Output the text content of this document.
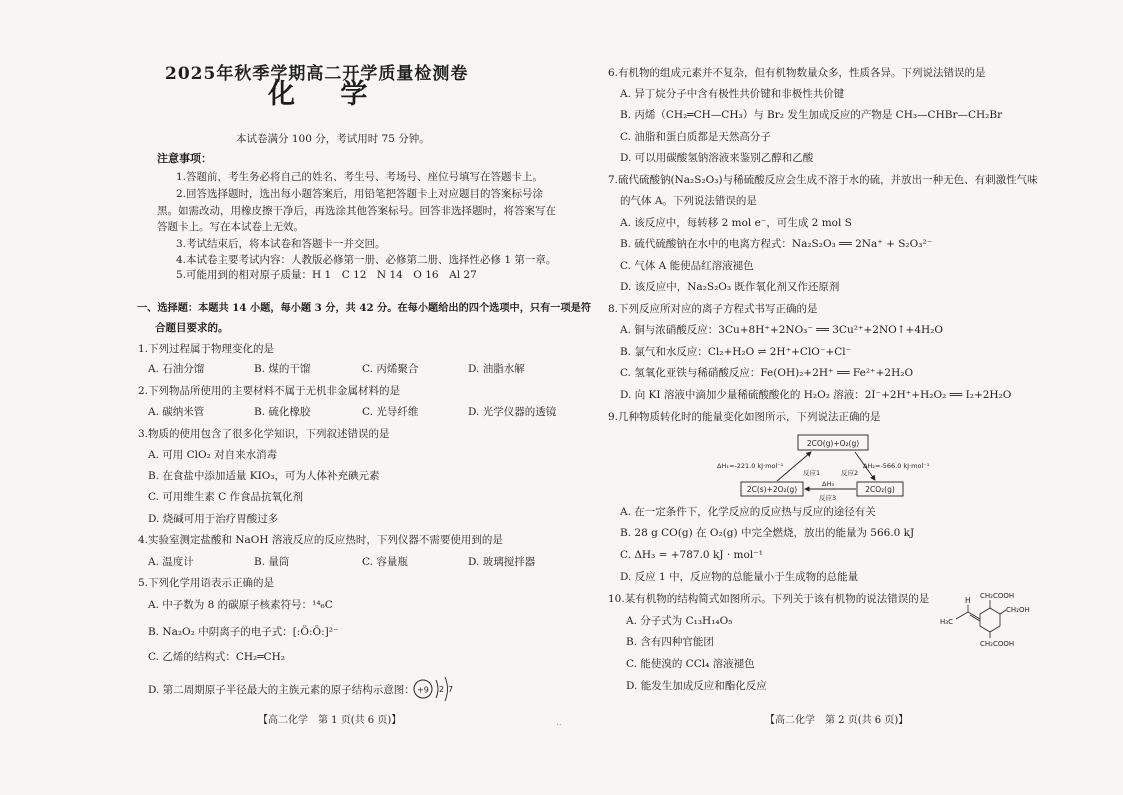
2025年秋季学期高二开学质量检测卷
化 学
本试卷满分 100 分，考试用时 75 分钟。
注意事项：
1.答题前，考生务必将自己的姓名、考生号、考场号、座位号填写在答题卡上。
2.回答选择题时，选出每小题答案后，用铅笔把答题卡上对应题目的答案标号涂
黑。如需改动，用橡皮擦干净后，再选涂其他答案标号。回答非选择题时，将答案写在
答题卡上。写在本试卷上无效。
3.考试结束后，将本试卷和答题卡一并交回。
4.本试卷主要考试内容：人教版必修第一册、必修第二册、选择性必修 1 第一章。
5.可能用到的相对原子质量：H 1　C 12　N 14　O 16　Al 27
一、选择题：本题共 14 小题，每小题 3 分，共 42 分。在每小题给出的四个选项中，只有一项是符
合题目要求的。
1.下列过程属于物理变化的是
A. 石油分馏	B. 煤的干馏	C. 丙烯聚合	D. 油脂水解
2.下列物品所使用的主要材料不属于无机非金属材料的是
A. 碳纳米管	B. 硫化橡胶	C. 光导纤维	D. 光学仪器的透镜
3.物质的使用包含了很多化学知识，下列叙述错误的是
A. 可用 ClO₂ 对自来水消毒
B. 在食盐中添加适量 KIO₃，可为人体补充碘元素
C. 可用维生素 C 作食品抗氧化剂
D. 烧碱可用于治疗胃酸过多
4.实验室测定盐酸和 NaOH 溶液反应的反应热时，下列仪器不需要使用到的是
A. 温度计	B. 量筒	C. 容量瓶	D. 玻璃搅拌器
5.下列化学用语表示正确的是
A. 中子数为 8 的碳原子核素符号：¹⁴₆C
B. Na₂O₂ 中阴离子的电子式：[:Ö:Ö:]²⁻
C. 乙烯的结构式：CH₂═CH₂
D. 第二周期原子半径最大的主族元素的原子结构示意图： +9 2 7
【高二化学　第 1 页(共 6 页)】	..
6.有机物的组成元素并不复杂，但有机物数量众多，性质各异。下列说法错误的是
A. 异丁烷分子中含有极性共价键和非极性共价键
B. 丙烯（CH₂═CH—CH₃）与 Br₂ 发生加成反应的产物是 CH₃—CHBr—CH₂Br
C. 油脂和蛋白质都是天然高分子
D. 可以用碳酸氢钠溶液来鉴别乙醇和乙酸
7.硫代硫酸钠(Na₂S₂O₃)与稀硫酸反应会生成不溶于水的硫，并放出一种无色、有刺激性气味
的气体 A。下列说法错误的是
A. 该反应中，每转移 2 mol e⁻，可生成 2 mol S
B. 硫代硫酸钠在水中的电离方程式：Na₂S₂O₃ ══ 2Na⁺ + S₂O₃²⁻
C. 气体 A 能使品红溶液褪色
D. 该反应中，Na₂S₂O₃ 既作氧化剂又作还原剂
8.下列反应所对应的离子方程式书写正确的是
A. 铜与浓硝酸反应：3Cu+8H⁺+2NO₃⁻ ══ 3Cu²⁺+2NO↑+4H₂O
B. 氯气和水反应：Cl₂+H₂O ⇌ 2H⁺+ClO⁻+Cl⁻
C. 氢氧化亚铁与稀硝酸反应：Fe(OH)₂+2H⁺ ══ Fe²⁺+2H₂O
D. 向 KI 溶液中滴加少量稀硫酸酸化的 H₂O₂ 溶液：2I⁻+2H⁺+H₂O₂ ══ I₂+2H₂O
9.几种物质转化时的能量变化如图所示，下列说法正确的是
2CO(g)+O₂(g)
2C(s)+2O₂(g)	2CO₂(g)
ΔH₁=-221.0 kJ·mol⁻¹	ΔH₂=-566.0 kJ·mol⁻¹
反应1	反应2
ΔH₃
反应3
A. 在一定条件下，化学反应的反应热与反应的途径有关
B. 28 g CO(g) 在 O₂(g) 中完全燃烧，放出的能量为 566.0 kJ
C. ΔH₃ = +787.0 kJ · mol⁻¹
D. 反应 1 中，反应物的总能量小于生成物的总能量
10.某有机物的结构简式如图所示。下列关于该有机物的说法错误的是
A. 分子式为 C₁₃H₁₄O₅
B. 含有四种官能团
C. 能使溴的 CCl₄ 溶液褪色
D. 能发生加成反应和酯化反应
H
H₃C
CH₂COOH
CH₂OH
CH₂COOH
【高二化学　第 2 页(共 6 页)】
